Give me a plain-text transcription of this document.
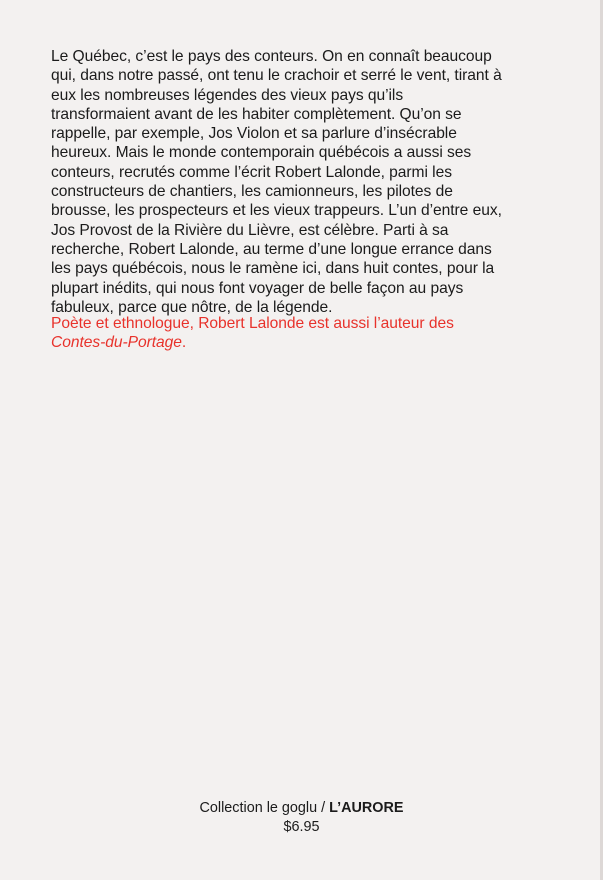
Le Québec, c’est le pays des conteurs. On en connaît beaucoup
qui, dans notre passé, ont tenu le crachoir et serré le vent, tirant à
eux les nombreuses légendes des vieux pays qu’ils
transformaient avant de les habiter complètement. Qu’on se
rappelle, par exemple, Jos Violon et sa parlure d’insécrable
heureux. Mais le monde contemporain québécois a aussi ses
conteurs, recrutés comme l’écrit Robert Lalonde, parmi les
constructeurs de chantiers, les camionneurs, les pilotes de
brousse, les prospecteurs et les vieux trappeurs. L’un d’entre eux,
Jos Provost de la Rivière du Lièvre, est célèbre. Parti à sa
recherche, Robert Lalonde, au terme d’une longue errance dans
les pays québécois, nous le ramène ici, dans huit contes, pour la
plupart inédits, qui nous font voyager de belle façon au pays
fabuleux, parce que nôtre, de la légende.
Poète et ethnologue, Robert Lalonde est aussi l’auteur des
Contes-du-Portage.
Collection le goglu / L’AURORE
$6.95
